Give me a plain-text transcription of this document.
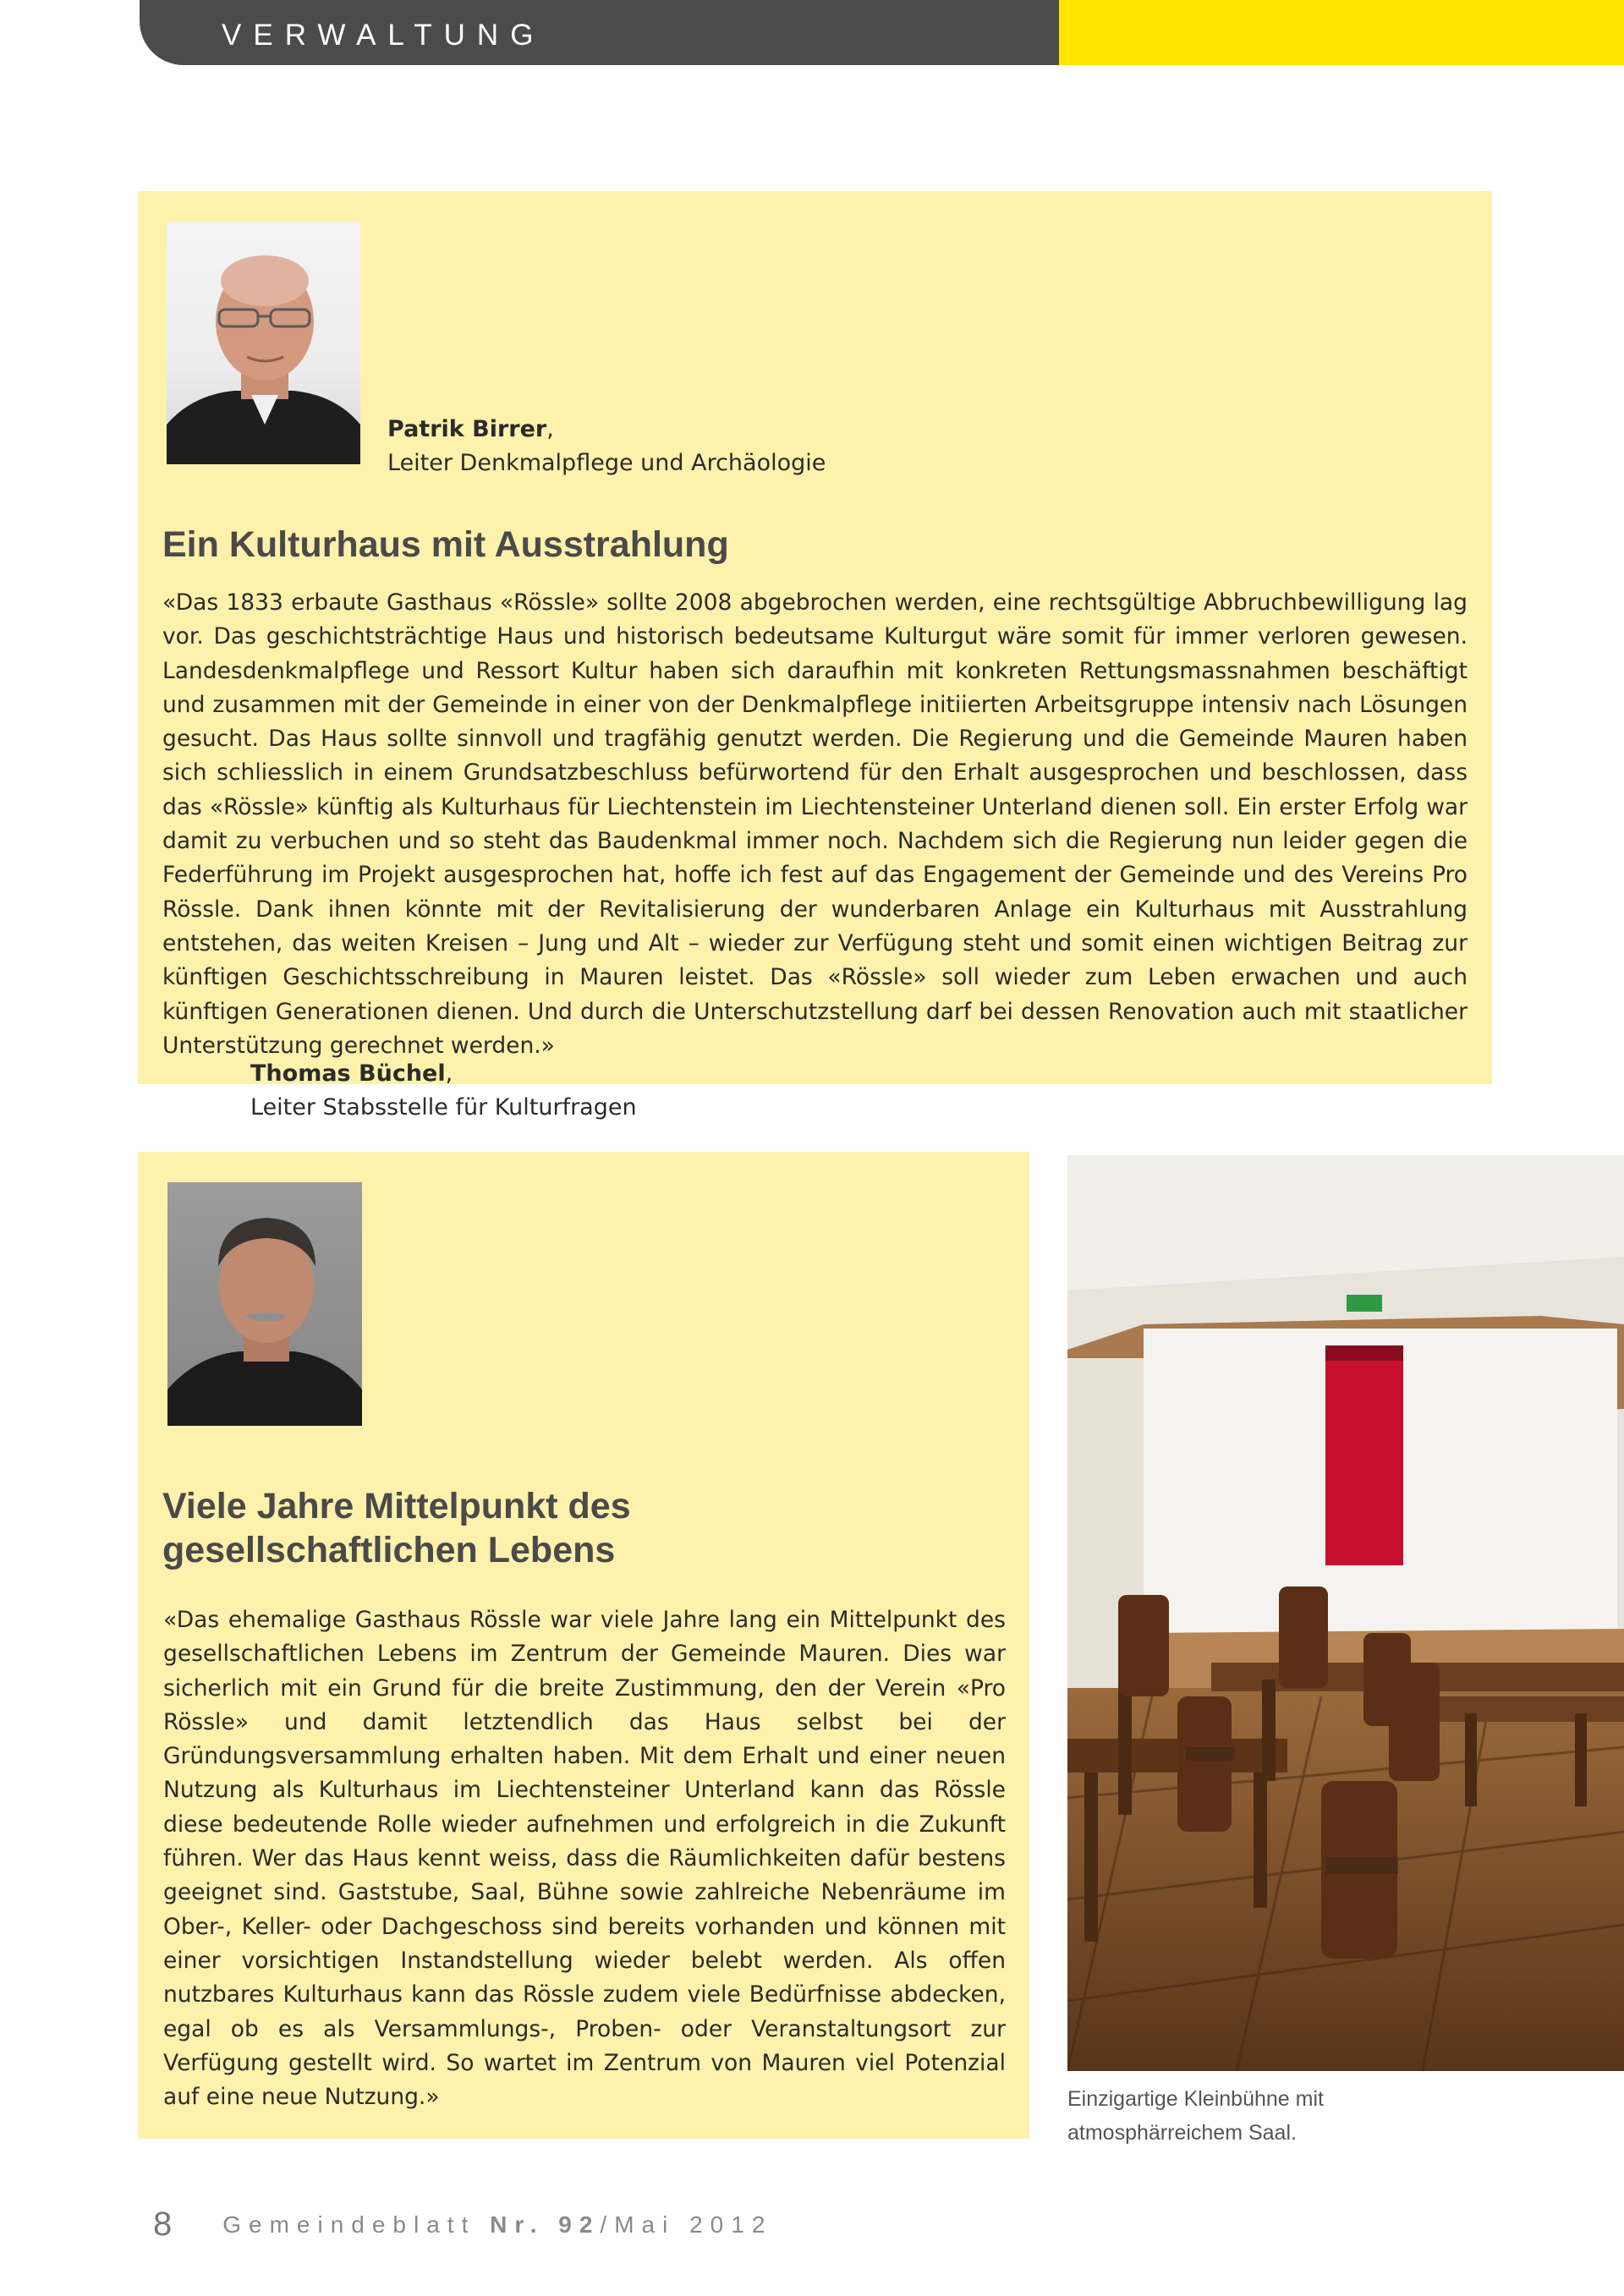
VERWALTUNG
Patrik Birrer,
Leiter Denkmalpflege und Archäologie
Ein Kulturhaus mit Ausstrahlung

«Das 1833 erbaute Gasthaus «Rössle» sollte 2008 abgebrochen werden, eine rechtsgültige Abbruchbewilligung lag vor. Das geschichtsträchtige Haus und historisch bedeutsame Kulturgut wäre somit für immer verloren gewesen. Landesdenkmalpflege und Ressort Kultur haben sich daraufhin mit konkreten Rettungsmassnahmen beschäftigt und zusammen mit der Gemeinde in einer von der Denkmalpflege initiierten Arbeitsgruppe intensiv nach Lösungen gesucht. Das Haus sollte sinnvoll und tragfähig genutzt werden. Die Regierung und die Gemeinde Mauren haben sich schliesslich in einem Grundsatzbeschluss befürwortend für den Erhalt ausgesprochen und beschlossen, dass das «Rössle» künftig als Kulturhaus für Liechtenstein im Liechtensteiner Unterland dienen soll. Ein erster Erfolg war damit zu verbuchen und so steht das Baudenkmal immer noch. Nachdem sich die Regierung nun leider gegen die Federführung im Projekt ausgesprochen hat, hoffe ich fest auf das Engagement der Gemeinde und des Vereins Pro Rössle. Dank ihnen könnte mit der Revitalisierung der wunderbaren Anlage ein Kulturhaus mit Ausstrahlung entstehen, das weiten Kreisen – Jung und Alt – wieder zur Verfügung steht und somit einen wichtigen Beitrag zur künftigen Geschichtsschreibung in Mauren leistet. Das «Rössle» soll wieder zum Leben erwachen und auch künftigen Generationen dienen. Und durch die Unterschutzstellung darf bei dessen Renovation auch mit staatlicher Unterstützung gerechnet werden.»

Thomas Büchel,
Leiter Stabsstelle für Kulturfragen
Viele Jahre Mittelpunkt des
gesellschaftlichen Lebens

«Das ehemalige Gasthaus Rössle war viele Jahre lang ein Mittelpunkt des gesellschaftlichen Lebens im Zentrum der Gemeinde Mauren. Dies war sicherlich mit ein Grund für die breite Zustimmung, den der Verein «Pro Rössle» und damit letztendlich das Haus selbst bei der Gründungsversammlung erhalten haben. Mit dem Erhalt und einer neuen Nutzung als Kulturhaus im Liechtensteiner Unterland kann das Rössle diese bedeutende Rolle wieder aufnehmen und erfolgreich in die Zukunft führen. Wer das Haus kennt weiss, dass die Räumlichkeiten dafür bestens geeignet sind. Gaststube, Saal, Bühne sowie zahlreiche Nebenräume im Ober-, Keller- oder Dachgeschoss sind bereits vorhanden und können mit einer vorsichtigen Instandstellung wieder belebt werden. Als offen nutzbares Kulturhaus kann das Rössle zudem viele Bedürfnisse abdecken, egal ob es als Versammlungs-, Proben- oder Veranstaltungsort zur Verfügung gestellt wird. So wartet im Zentrum von Mauren viel Potenzial auf eine neue Nutzung.»	Einzigartige Kleinbühne mit
atmosphärreichem Saal.

8 Gemeindeblatt Nr. 92/Mai 2012
